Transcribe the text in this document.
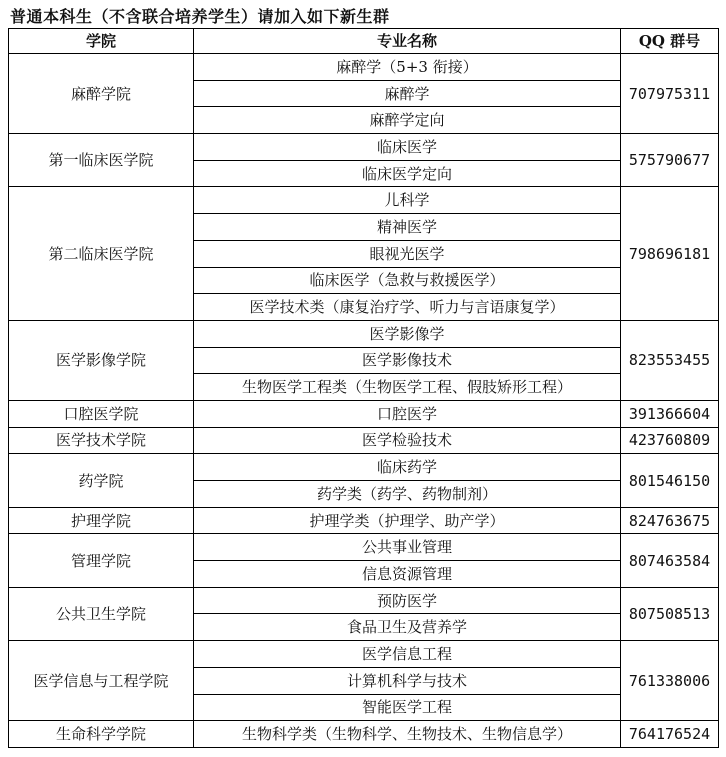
普通本科生（不含联合培养学生）请加入如下新生群
学院	专业名称	QQ 群号
麻醉学院	麻醉学（5+3 衔接）	707975311
	麻醉学	
	麻醉学定向	
第一临床医学院	临床医学	575790677
	临床医学定向	
第二临床医学院	儿科学	798696181
	精神医学	
	眼视光医学	
	临床医学（急救与救援医学）	
	医学技术类（康复治疗学、听力与言语康复学）	
医学影像学院	医学影像学	823553455
	医学影像技术	
	生物医学工程类（生物医学工程、假肢矫形工程）	
口腔医学院	口腔医学	391366604
医学技术学院	医学检验技术	423760809
药学院	临床药学	801546150
	药学类（药学、药物制剂）	
护理学院	护理学类（护理学、助产学）	824763675
管理学院	公共事业管理	807463584
	信息资源管理	
公共卫生学院	预防医学	807508513
	食品卫生及营养学	
医学信息与工程学院	医学信息工程	761338006
	计算机科学与技术	
	智能医学工程	
生命科学学院	生物科学类（生物科学、生物技术、生物信息学）	764176524
